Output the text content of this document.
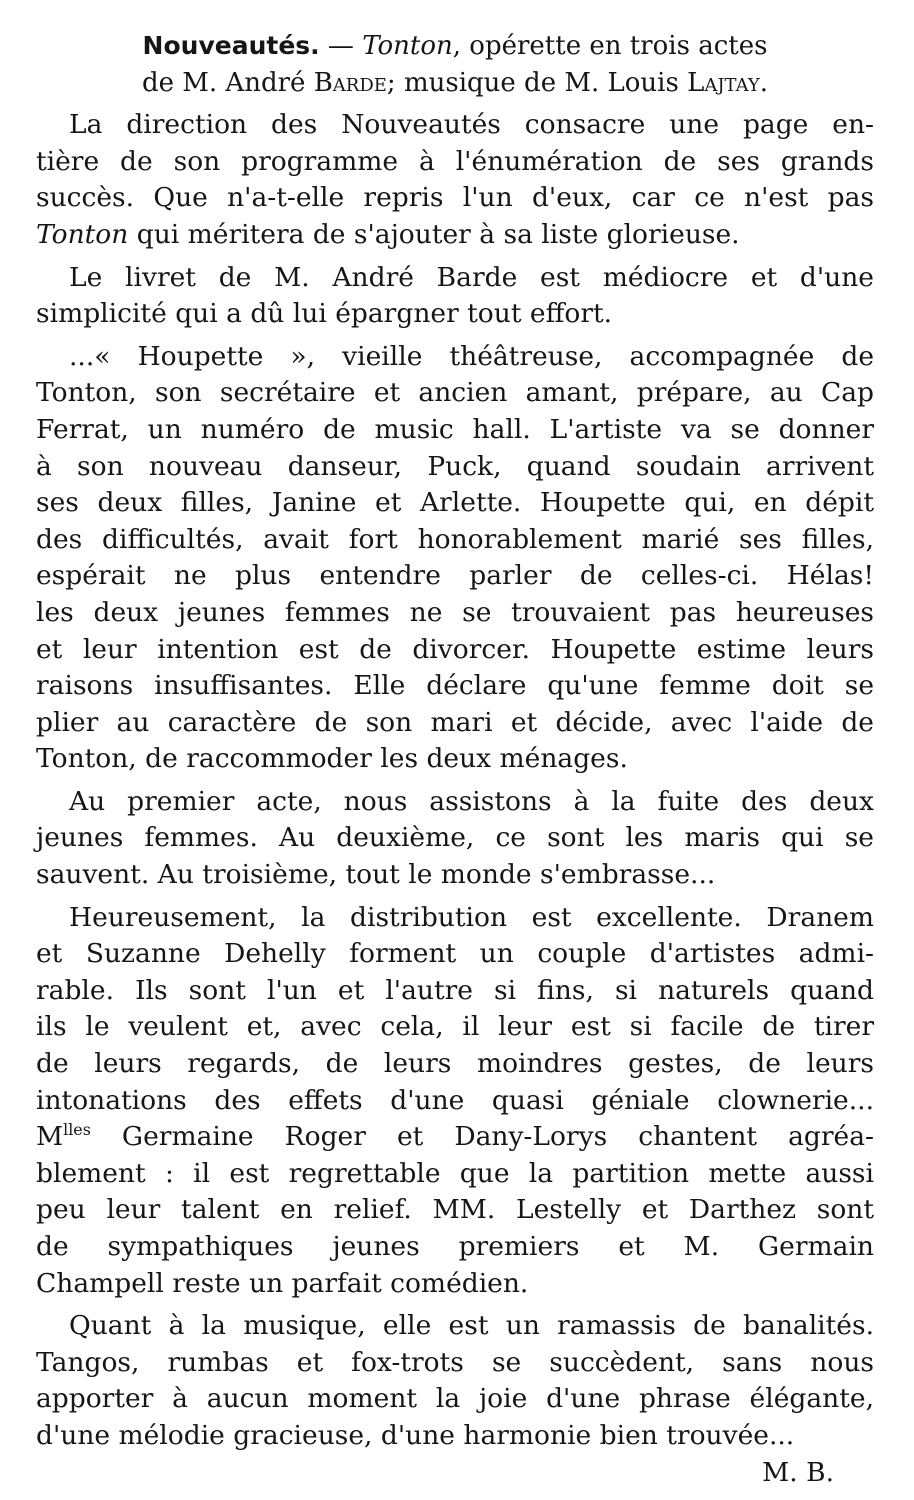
Nouveautés. — Tonton, opérette en trois actes
de M. André Barde; musique de M. Louis Lajtay.
La direction des Nouveautés consacre une page en-
tière de son programme à l'énumération de ses grands
succès. Que n'a-t-elle repris l'un d'eux, car ce n'est pas
Tonton qui méritera de s'ajouter à sa liste glorieuse.
Le livret de M. André Barde est médiocre et d'une
simplicité qui a dû lui épargner tout effort.
...« Houpette », vieille théâtreuse, accompagnée de
Tonton, son secrétaire et ancien amant, prépare, au Cap
Ferrat, un numéro de music hall. L'artiste va se donner
à son nouveau danseur, Puck, quand soudain arrivent
ses deux filles, Janine et Arlette. Houpette qui, en dépit
des difficultés, avait fort honorablement marié ses filles,
espérait ne plus entendre parler de celles-ci. Hélas!
les deux jeunes femmes ne se trouvaient pas heureuses
et leur intention est de divorcer. Houpette estime leurs
raisons insuffisantes. Elle déclare qu'une femme doit se
plier au caractère de son mari et décide, avec l'aide de
Tonton, de raccommoder les deux ménages.
Au premier acte, nous assistons à la fuite des deux
jeunes femmes. Au deuxième, ce sont les maris qui se
sauvent. Au troisième, tout le monde s'embrasse...
Heureusement, la distribution est excellente. Dranem
et Suzanne Dehelly forment un couple d'artistes admi-
rable. Ils sont l'un et l'autre si fins, si naturels quand
ils le veulent et, avec cela, il leur est si facile de tirer
de leurs regards, de leurs moindres gestes, de leurs
intonations des effets d'une quasi géniale clownerie...
$M^{lles}$ Germaine Roger et Dany-Lorys chantent agréa-
blement : il est regrettable que la partition mette aussi
peu leur talent en relief. MM. Lestelly et Darthez sont
de sympathiques jeunes premiers et M. Germain
Champell reste un parfait comédien.
Quant à la musique, elle est un ramassis de banalités.
Tangos, rumbas et fox-trots se succèdent, sans nous
apporter à aucun moment la joie d'une phrase élégante,
d'une mélodie gracieuse, d'une harmonie bien trouvée...

M. B.
